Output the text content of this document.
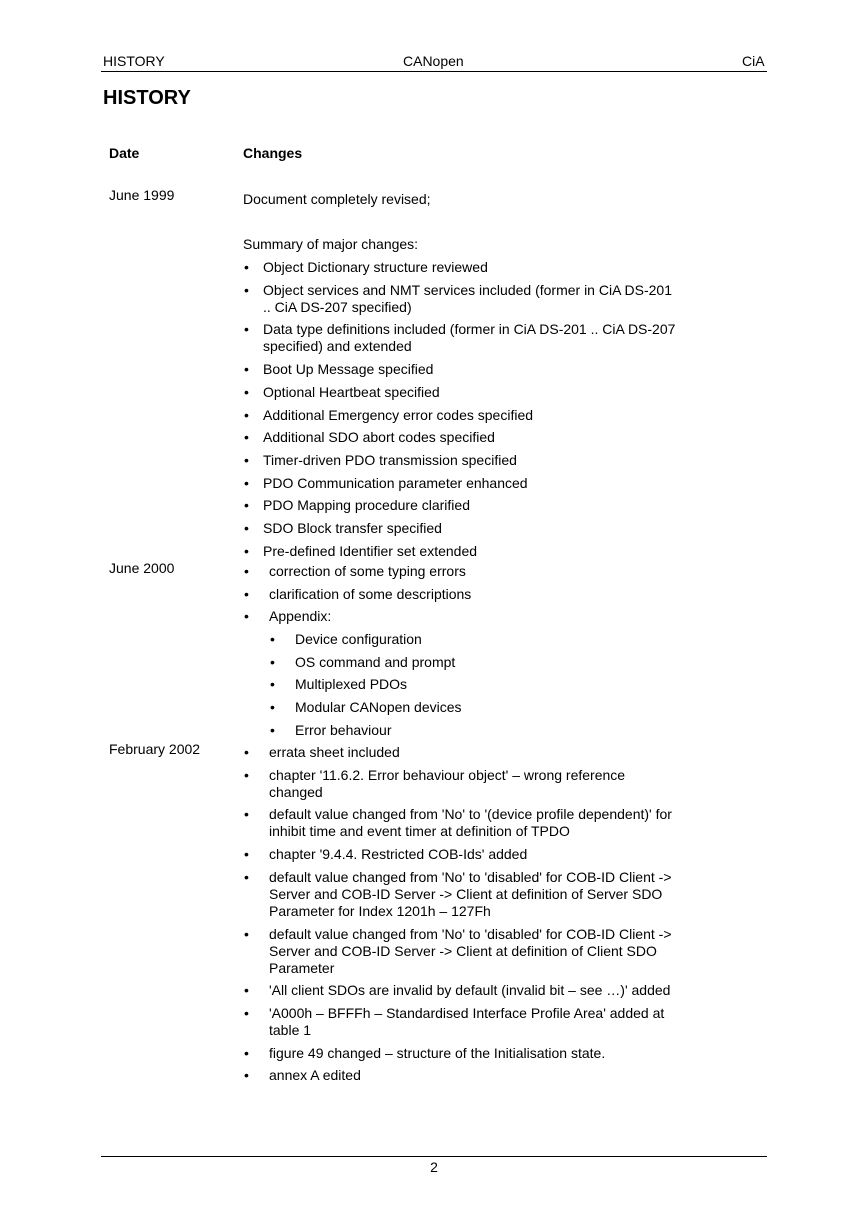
HISTORY	CANopen	CiA
HISTORY
Date	Changes
June 1999	Document completely revised;
Summary of major changes:
• Object Dictionary structure reviewed
• Object services and NMT services included (former in CiA DS-201
.. CiA DS-207 specified)
• Data type definitions included (former in CiA DS-201 .. CiA DS-207
specified) and extended
• Boot Up Message specified
• Optional Heartbeat specified
• Additional Emergency error codes specified
• Additional SDO abort codes specified
• Timer-driven PDO transmission specified
• PDO Communication parameter enhanced
• PDO Mapping procedure clarified
• SDO Block transfer specified
• Pre-defined Identifier set extended
June 2000	• correction of some typing errors
• clarification of some descriptions
• Appendix:
• Device configuration
• OS command and prompt
• Multiplexed PDOs
• Modular CANopen devices
• Error behaviour
February 2002	• errata sheet included
• chapter '11.6.2. Error behaviour object' – wrong reference
changed
• default value changed from 'No' to '(device profile dependent)' for
inhibit time and event timer at definition of TPDO
• chapter '9.4.4. Restricted COB-Ids' added
• default value changed from 'No' to 'disabled' for COB-ID Client ->
Server and COB-ID Server -> Client at definition of Server SDO
Parameter for Index 1201h – 127Fh
• default value changed from 'No' to 'disabled' for COB-ID Client ->
Server and COB-ID Server -> Client at definition of Client SDO
Parameter
• 'All client SDOs are invalid by default (invalid bit – see …)' added
• 'A000h – BFFFh – Standardised Interface Profile Area' added at
table 1
• figure 49 changed – structure of the Initialisation state.
• annex A edited
2
